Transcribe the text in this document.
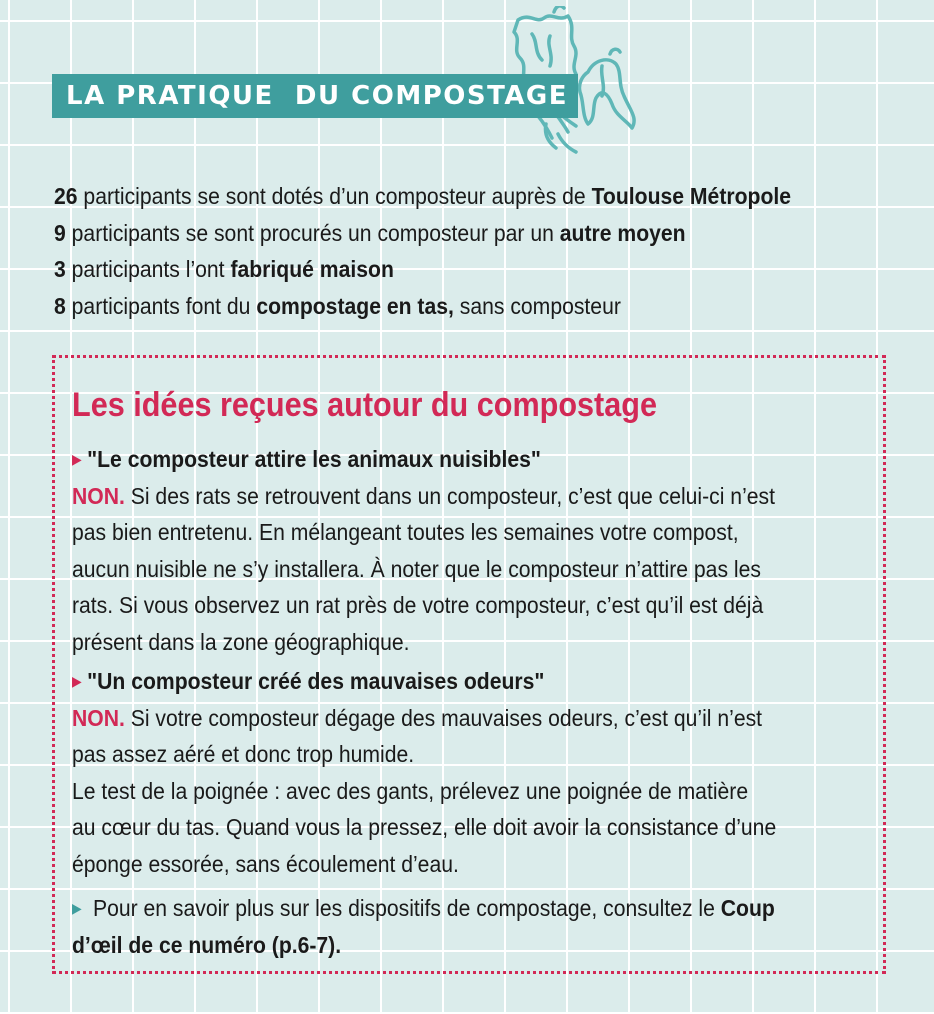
LA PRATIQUE  DU COMPOSTAGE
26 participants se sont dotés d’un composteur auprès de Toulouse Métropole
9 participants se sont procurés un composteur par un autre moyen
3 participants l’ont fabriqué maison
8 participants font du compostage en tas, sans composteur
Les idées reçues autour du compostage
▶ "Le composteur attire les animaux nuisibles"
NON. Si des rats se retrouvent dans un composteur, c’est que celui-ci n’est
pas bien entretenu. En mélangeant toutes les semaines votre compost,
aucun nuisible ne s’y installera. À noter que le composteur n’attire pas les
rats. Si vous observez un rat près de votre composteur, c’est qu’il est déjà
présent dans la zone géographique.
▶ "Un composteur créé des mauvaises odeurs"
NON. Si votre composteur dégage des mauvaises odeurs, c’est qu’il n’est
pas assez aéré et donc trop humide.
Le test de la poignée : avec des gants, prélevez une poignée de matière
au cœur du tas. Quand vous la pressez, elle doit avoir la consistance d’une
éponge essorée, sans écoulement d’eau.
▶ Pour en savoir plus sur les dispositifs de compostage, consultez le Coup
d’œil de ce numéro (p.6-7).
